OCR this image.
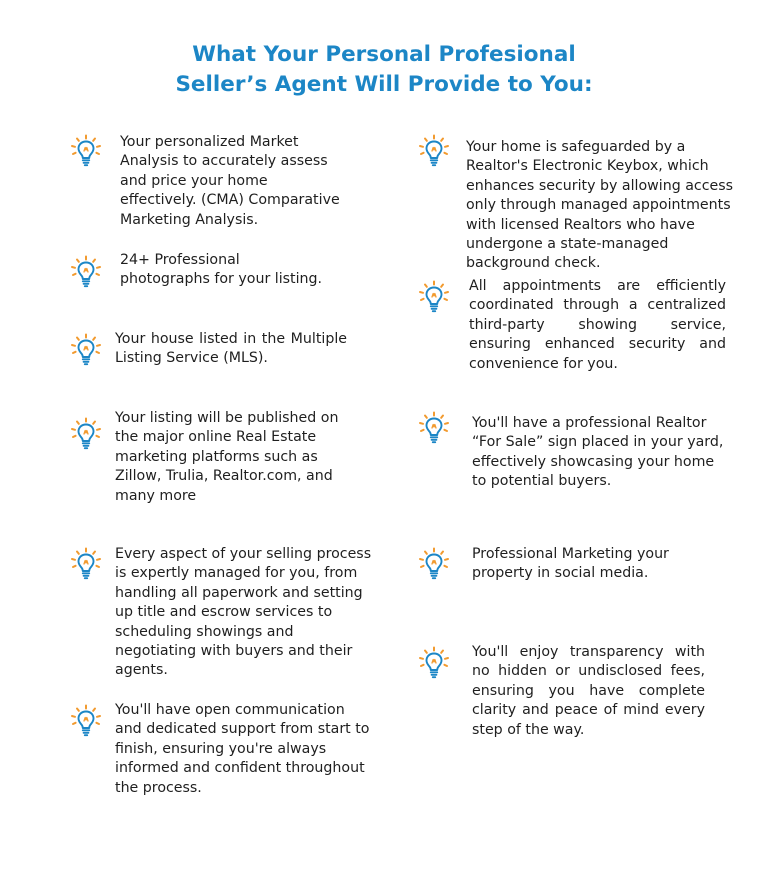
What Your Personal Profesional
Seller’s Agent Will Provide to You:
Your personalized Market Analysis to accurately assess and price your home effectively. (CMA) Comparative Marketing Analysis.
24+ Professional photographs for your listing.
Your house listed in the Multiple Listing Service (MLS).
Your listing will be published on the major online Real Estate marketing platforms such as Zillow, Trulia, Realtor.com, and many more
Every aspect of your selling process is expertly managed for you, from handling all paperwork and setting up title and escrow services to scheduling showings and negotiating with buyers and their agents.
You'll have open communication and dedicated support from start to finish, ensuring you're always informed and confident throughout the process.
Your home is safeguarded by a Realtor's Electronic Keybox, which enhances security by allowing access only through managed appointments with licensed Realtors who have undergone a state-managed background check.
All appointments are efficiently coordinated through a centralized third-party showing service, ensuring enhanced security and convenience for you.
You'll have a professional Realtor “For Sale” sign placed in your yard, effectively showcasing your home to potential buyers.
Professional Marketing your property in social media.
You'll enjoy transparency with no hidden or undisclosed fees, ensuring you have complete clarity and peace of mind every step of the way.
